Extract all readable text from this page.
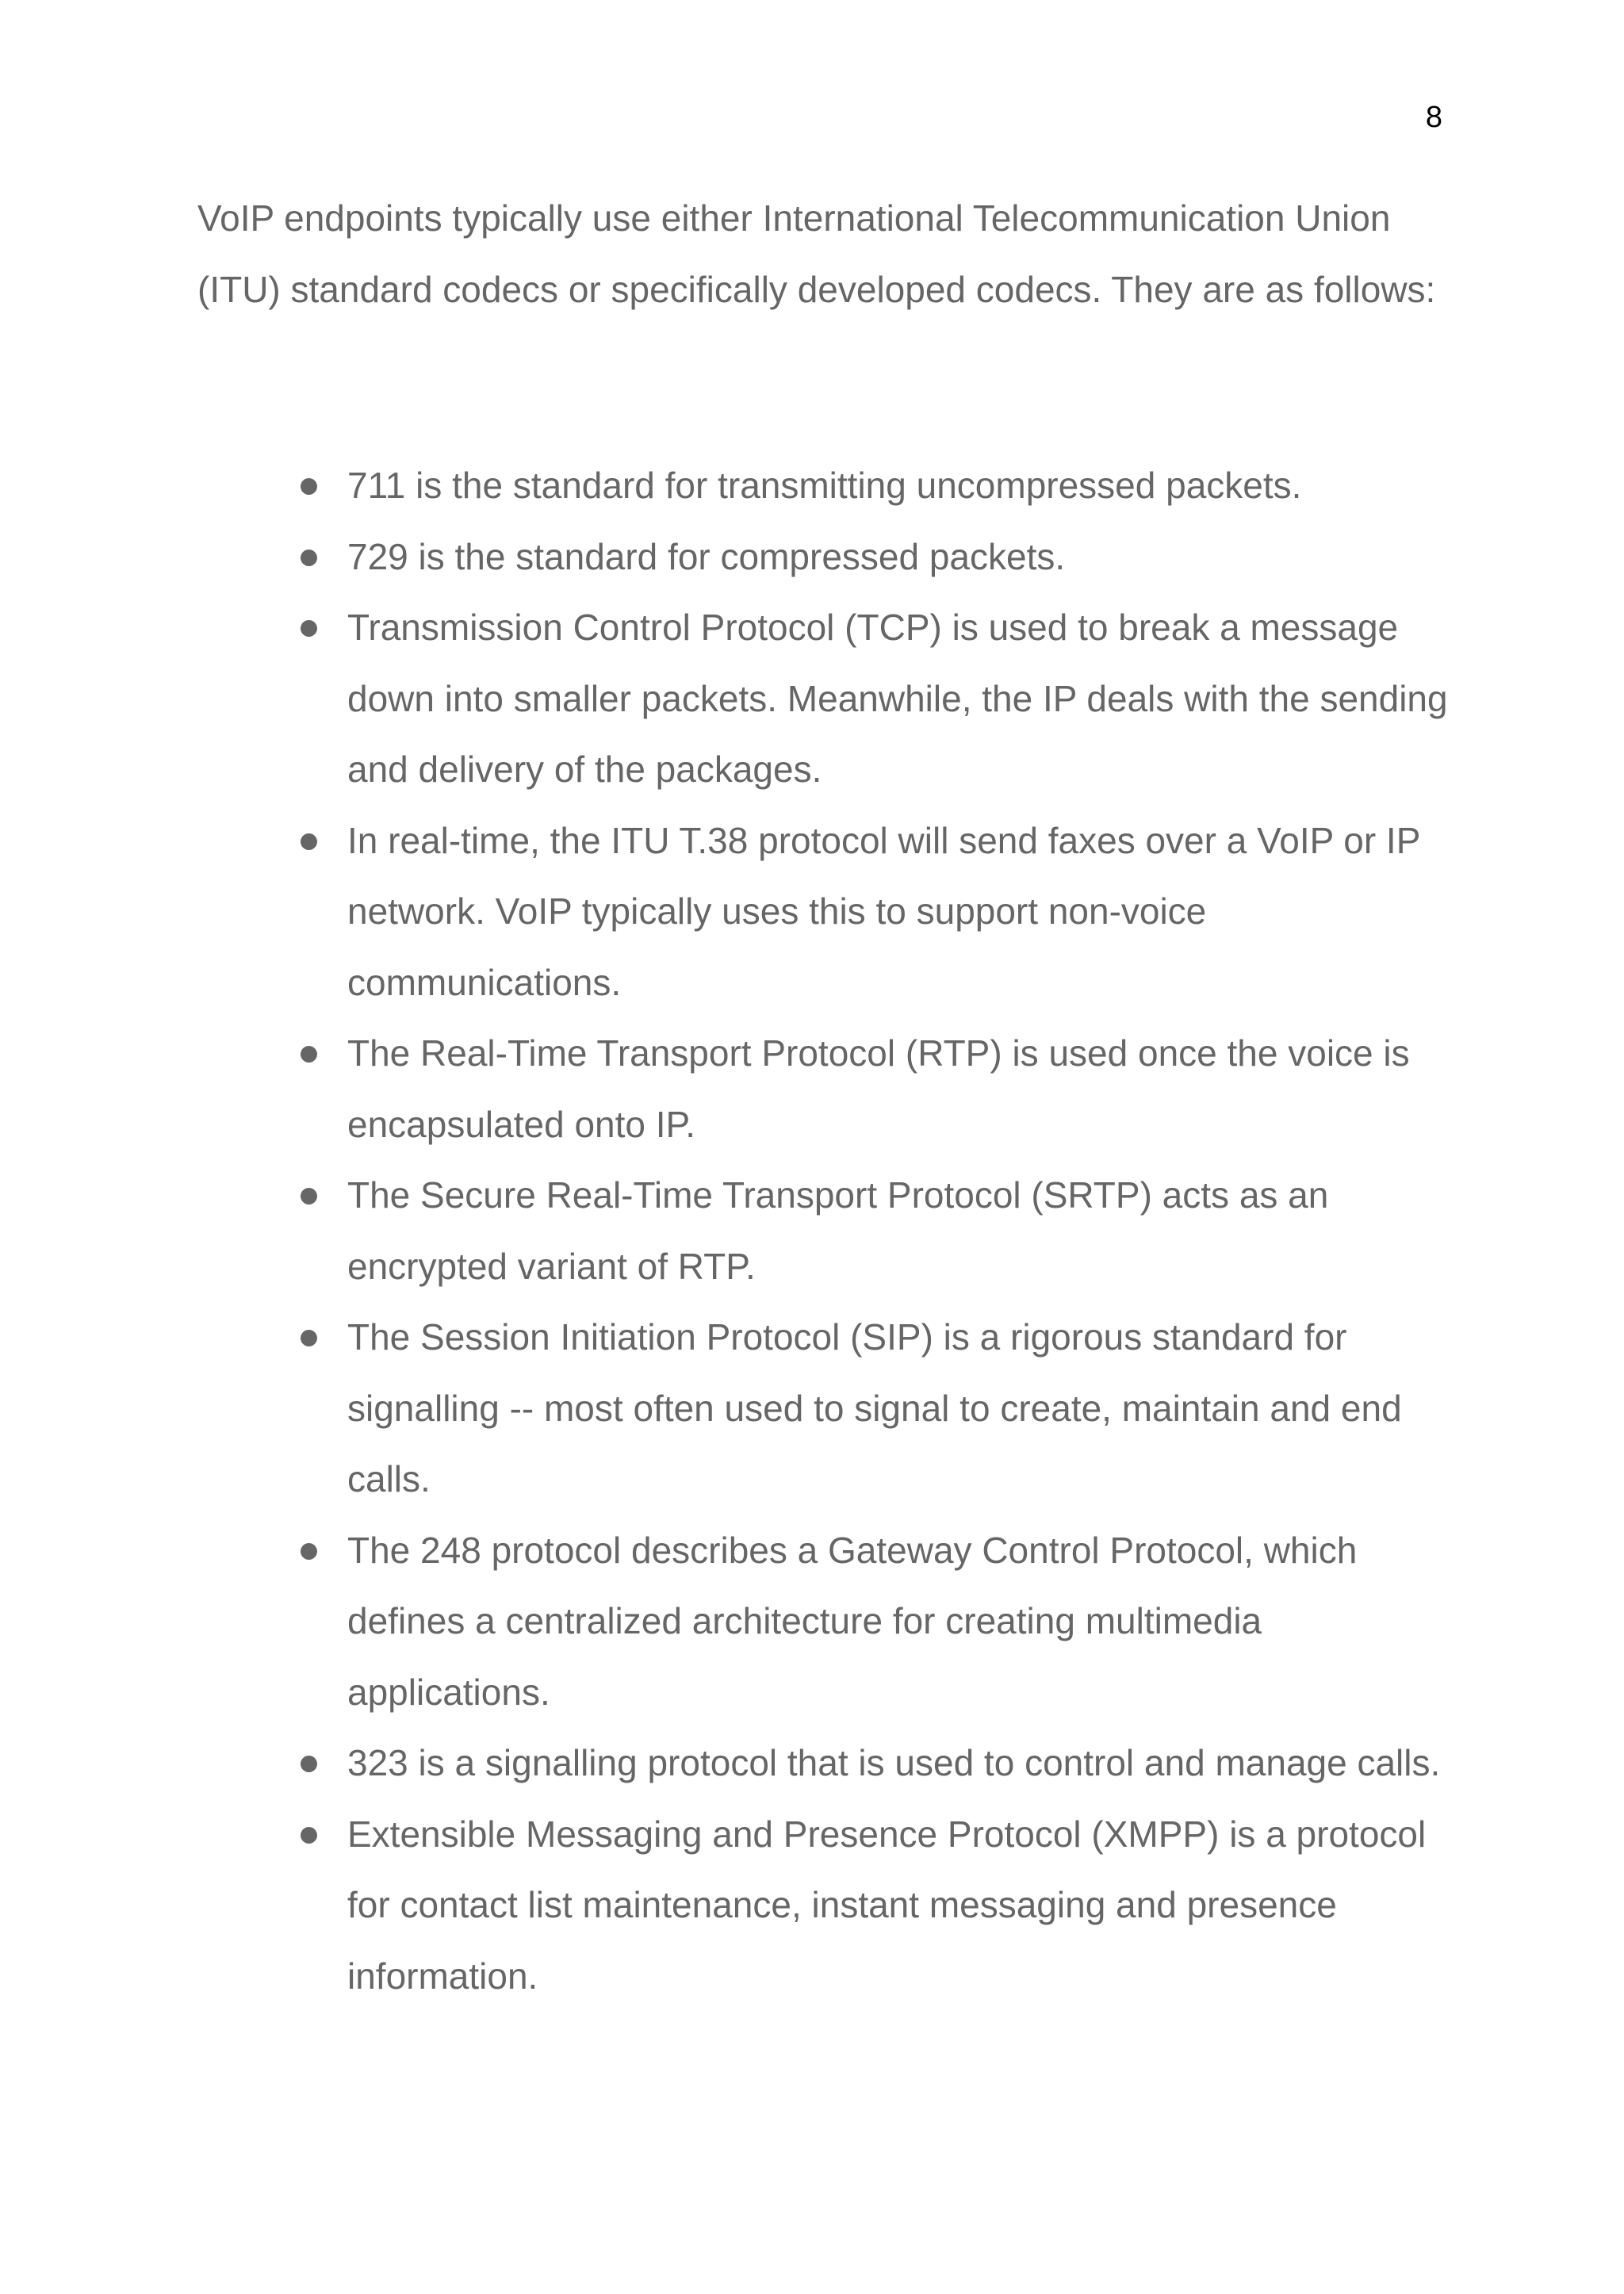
8

VoIP endpoints typically use either International Telecommunication Union (ITU) standard codecs or specifically developed codecs. They are as follows:

711 is the standard for transmitting uncompressed packets.
729 is the standard for compressed packets.
Transmission Control Protocol (TCP) is used to break a message down into smaller packets. Meanwhile, the IP deals with the sending and delivery of the packages.
In real-time, the ITU T.38 protocol will send faxes over a VoIP or IP network. VoIP typically uses this to support non-voice communications.
The Real-Time Transport Protocol (RTP) is used once the voice is encapsulated onto IP.
The Secure Real-Time Transport Protocol (SRTP) acts as an encrypted variant of RTP.
The Session Initiation Protocol (SIP) is a rigorous standard for signalling -- most often used to signal to create, maintain and end calls.
The 248 protocol describes a Gateway Control Protocol, which defines a centralized architecture for creating multimedia applications.
323 is a signalling protocol that is used to control and manage calls.
Extensible Messaging and Presence Protocol (XMPP) is a protocol for contact list maintenance, instant messaging and presence information.
